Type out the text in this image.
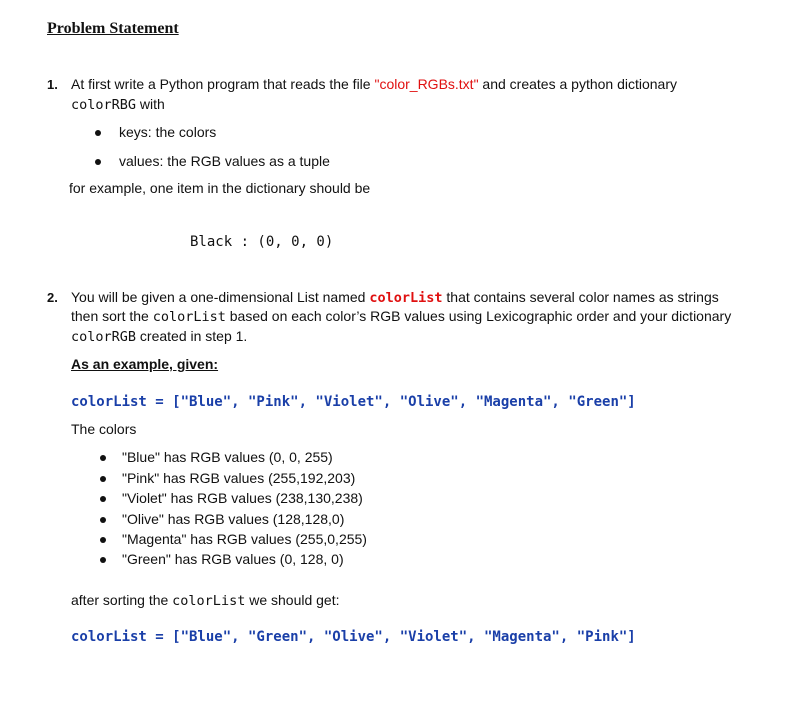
Problem Statement
1. At first write a Python program that reads the file "color_RGBs.txt" and creates a python dictionary
colorRBG with
keys: the colors
values: the RGB values as a tuple
for example, one item in the dictionary should be
Black : (0, 0, 0)
2. You will be given a one-dimensional List named colorList that contains several color names as strings
then sort the colorList based on each color’s RGB values using Lexicographic order and your dictionary
colorRGB created in step 1.
As an example, given:
colorList = ["Blue", "Pink", "Violet", "Olive", "Magenta", "Green"]
The colors
"Blue" has RGB values (0, 0, 255)
"Pink" has RGB values (255,192,203)
"Violet" has RGB values (238,130,238)
"Olive" has RGB values (128,128,0)
"Magenta" has RGB values (255,0,255)
"Green" has RGB values (0, 128, 0)
after sorting the colorList we should get:
colorList = ["Blue", "Green", "Olive", "Violet", "Magenta", "Pink"]
